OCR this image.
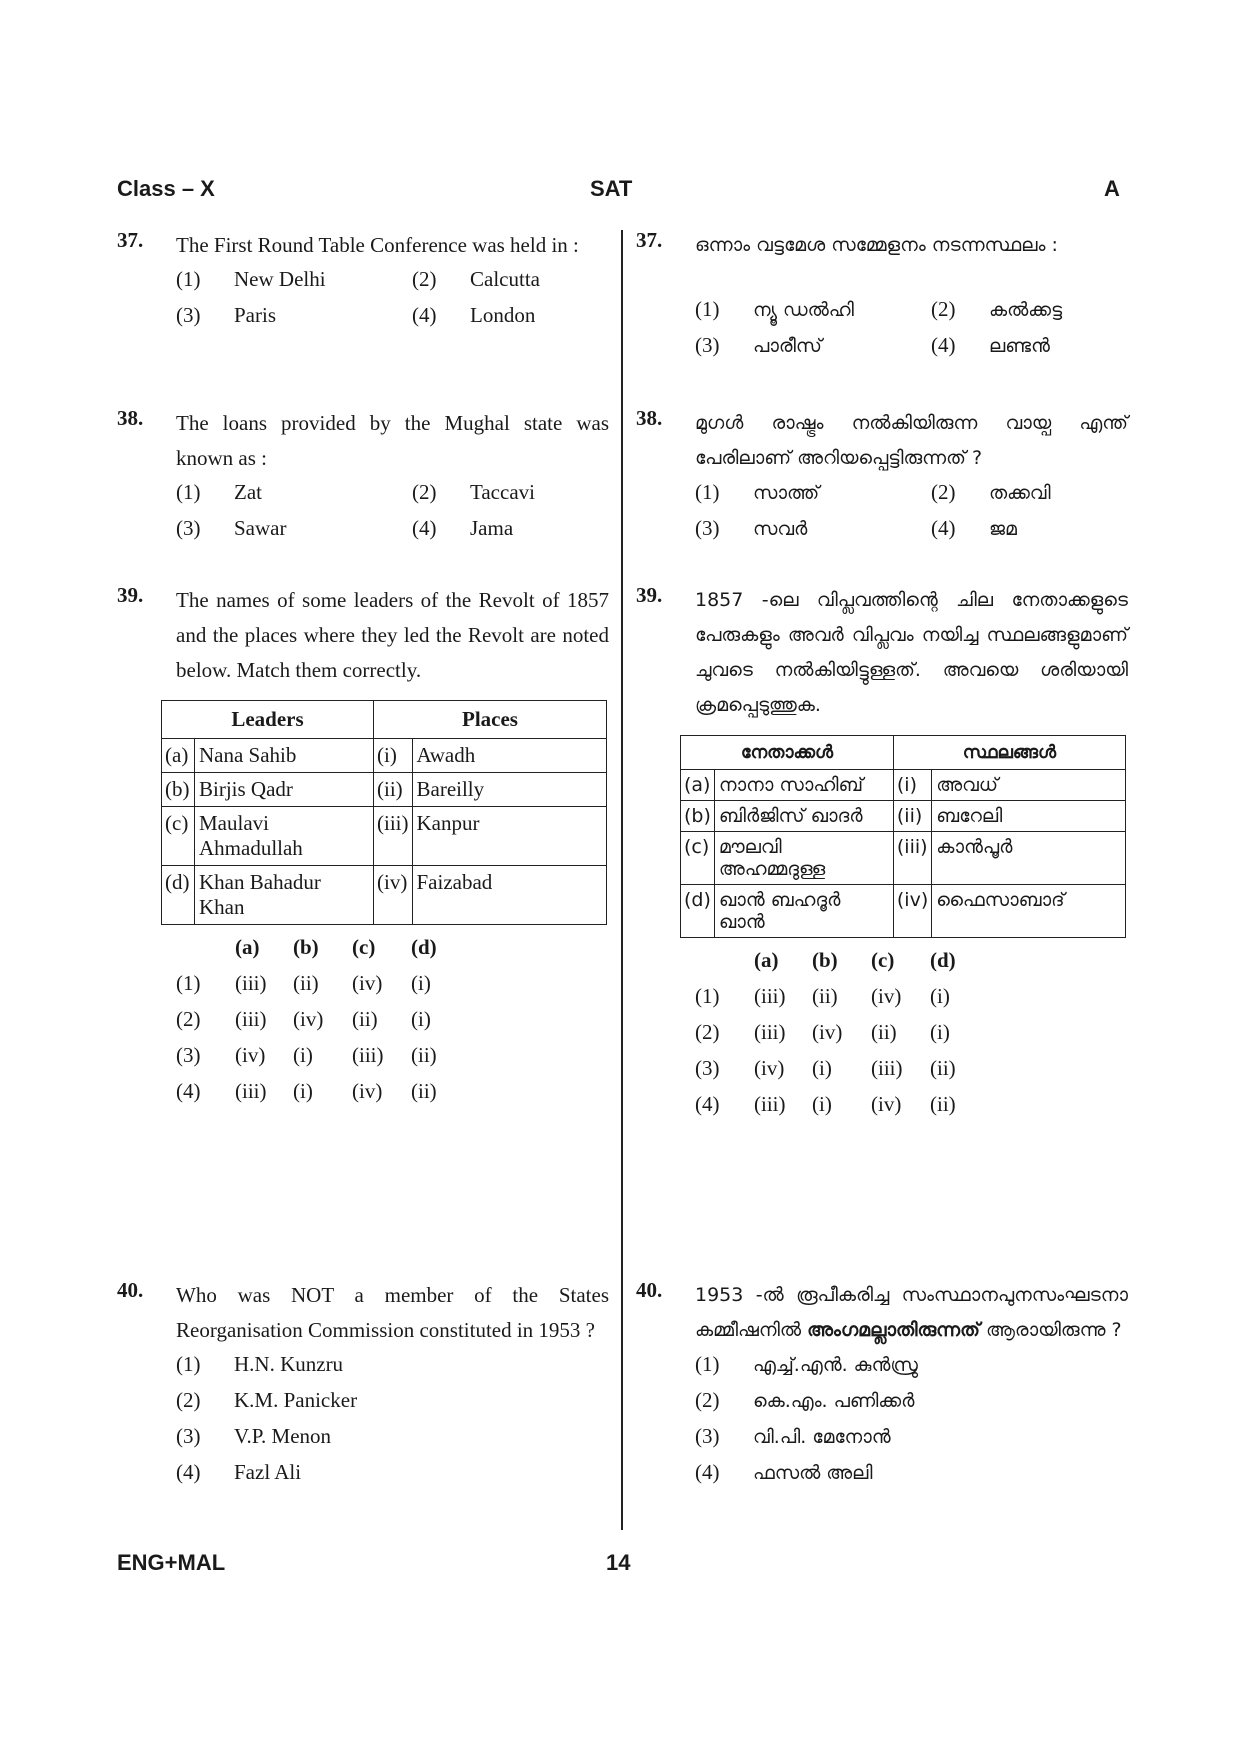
Class – X	SAT	A
37. The First Round Table Conference was held in :
(1) New Delhi	(2) Calcutta
(3) Paris	(4) London
38. The loans provided by the Mughal state was known as :
(1) Zat	(2) Taccavi
(3) Sawar	(4) Jama
39. The names of some leaders of the Revolt of 1857 and the places where they led the Revolt are noted below. Match them correctly.
Leaders		Places	
(a)	Nana Sahib	(i)	Awadh
(b)	Birjis Qadr	(ii)	Bareilly
(c)	Maulavi Ahmadullah	(iii)	Kanpur
(d)	Khan Bahadur Khan	(iv)	Faizabad
(a) (b) (c) (d)
(1) (iii) (ii) (iv) (i)
(2) (iii) (iv) (ii) (i)
(3) (iv) (i) (iii) (ii)
(4) (iii) (i) (iv) (ii)
40. Who was NOT a member of the States Reorganisation Commission constituted in 1953 ?
(1) H.N. Kunzru
(2) K.M. Panicker
(3) V.P. Menon
(4) Fazl Ali
37. ഒന്നാം വട്ടമേശ സമ്മേളനം നടന്നസ്ഥലം :
(1) ന്യൂ ഡൽഹി	(2) കൽക്കട്ട
(3) പാരീസ്	(4) ലണ്ടൻ
38. മുഗൾ രാഷ്ട്രം നൽകിയിരുന്ന വായ്പ എന്ത് പേരിലാണ് അറിയപ്പെട്ടിരുന്നത് ?
(1) സാത്ത്	(2) തക്കവി
(3) സവർ	(4) ജമ
39. 1857 -ലെ വിപ്ലവത്തിന്റെ ചില നേതാക്കളുടെ പേരുകളും അവർ വിപ്ലവം നയിച്ച സ്ഥലങ്ങളുമാണ് ചുവടെ നൽകിയിട്ടുള്ളത്. അവയെ ശരിയായി ക്രമപ്പെടുത്തുക.
നേതാക്കൾ		സ്ഥലങ്ങൾ	
(a)	നാനാ സാഹിബ്	(i)	അവധ്
(b)	ബിർജിസ് ഖാദർ	(ii)	ബറേലി
(c)	മൗലവി അഹമ്മദുള്ള	(iii)	കാൻപൂർ
(d)	ഖാൻ ബഹദൂർ ഖാൻ	(iv)	ഫൈസാബാദ്
(a) (b) (c) (d)
(1) (iii) (ii) (iv) (i)
(2) (iii) (iv) (ii) (i)
(3) (iv) (i) (iii) (ii)
(4) (iii) (i) (iv) (ii)
40. 1953 -ൽ രൂപീകരിച്ച സംസ്ഥാനപുനസംഘടനാ കമ്മീഷനിൽ അംഗമല്ലാതിരുന്നത് ആരായിരുന്നു ?
(1) എച്ച്.എൻ. കുൻസ്രു
(2) കെ.എം. പണിക്കർ
(3) വി.പി. മേനോൻ
(4) ഫസൽ അലി
ENG+MAL	14
